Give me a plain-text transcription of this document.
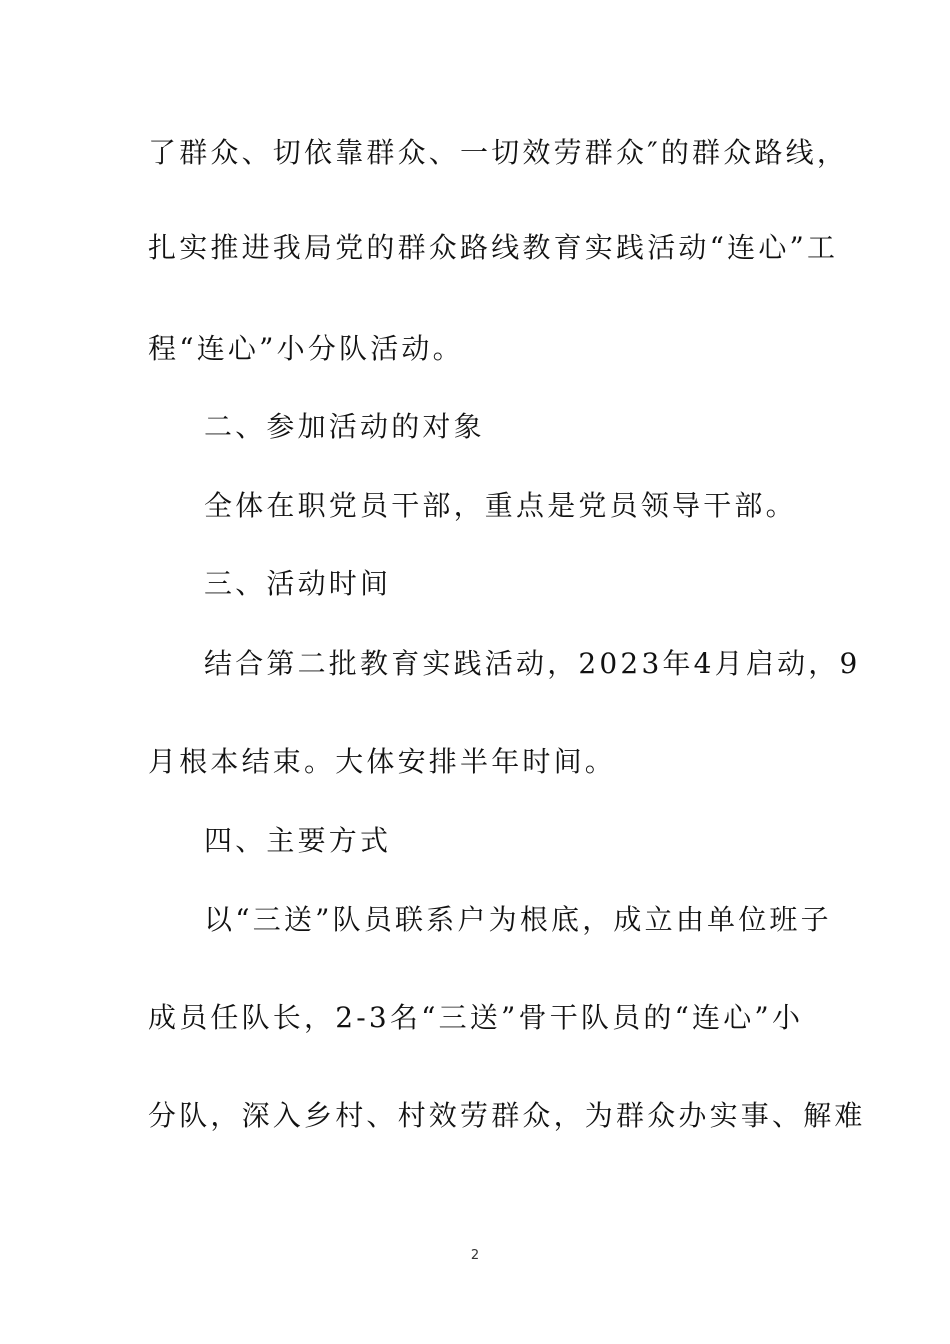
了群众、切依靠群众、一切效劳群众″的群众路线，
扎实推进我局党的群众路线教育实践活动“连心”工
程“连心”小分队活动。
二、参加活动的对象
全体在职党员干部，重点是党员领导干部。
三、活动时间
结合第二批教育实践活动，2023年4月启动，9
月根本结束。大体安排半年时间。
四、主要方式
以“三送”队员联系户为根底，成立由单位班子
成员任队长，2-3名“三送”骨干队员的“连心”小
分队，深入乡村、村效劳群众，为群众办实事、解难
2
